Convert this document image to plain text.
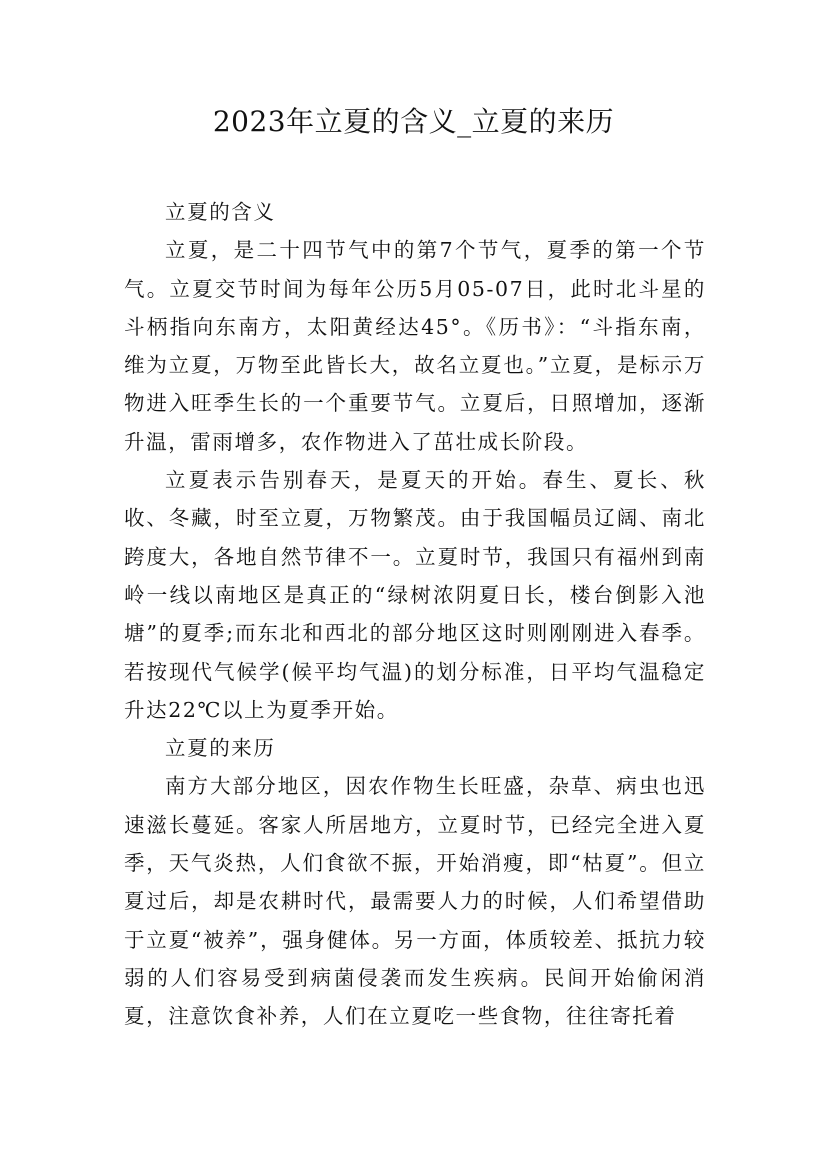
2023年立夏的含义_立夏的来历

立夏的含义

立夏，是二十四节气中的第7个节气，夏季的第一个节气。立夏交节时间为每年公历5月05-07日，此时北斗星的斗柄指向东南方，太阳黄经达45°。《历书》：“斗指东南，维为立夏，万物至此皆长大，故名立夏也。”立夏，是标示万物进入旺季生长的一个重要节气。立夏后，日照增加，逐渐升温，雷雨增多，农作物进入了茁壮成长阶段。

立夏表示告别春天，是夏天的开始。春生、夏长、秋收、冬藏，时至立夏，万物繁茂。由于我国幅员辽阔、南北跨度大，各地自然节律不一。立夏时节，我国只有福州到南岭一线以南地区是真正的“绿树浓阴夏日长，楼台倒影入池塘”的夏季;而东北和西北的部分地区这时则刚刚进入春季。若按现代气候学(候平均气温)的划分标准，日平均气温稳定升达22℃以上为夏季开始。

立夏的来历

南方大部分地区，因农作物生长旺盛，杂草、病虫也迅速滋长蔓延。客家人所居地方，立夏时节，已经完全进入夏季，天气炎热，人们食欲不振，开始消瘦，即“枯夏”。但立夏过后，却是农耕时代，最需要人力的时候，人们希望借助于立夏“被养”，强身健体。另一方面，体质较差、抵抗力较弱的人们容易受到病菌侵袭而发生疾病。民间开始偷闲消夏，注意饮食补养，人们在立夏吃一些食物，往往寄托着
